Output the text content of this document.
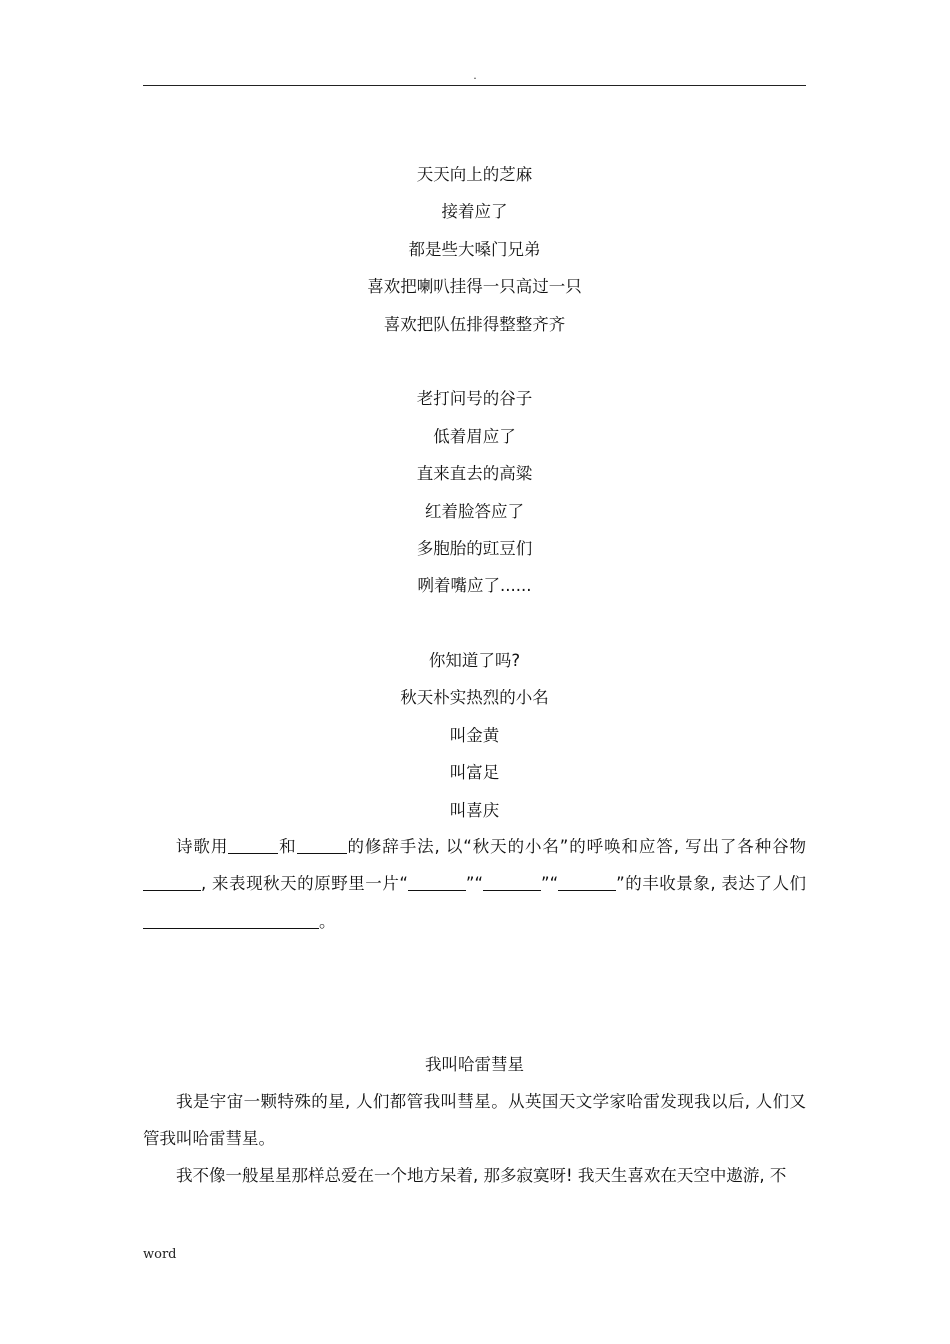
.
天天向上的芝麻
接着应了
都是些大嗓门兄弟
喜欢把喇叭挂得一只高过一只
喜欢把队伍排得整整齐齐
老打问号的谷子
低着眉应了
直来直去的高粱
红着脸答应了
多胞胎的豇豆们
咧着嘴应了......
你知道了吗?
秋天朴实热烈的小名
叫金黄
叫富足
叫喜庆
诗歌用	和	的修辞手法, 以“秋天的小名”的呼唤和应答, 写出了各种谷物, 来表现秋天的原野里一片“	”“	”“	”的丰收景象, 表达了人们。
我叫哈雷彗星
我是宇宙一颗特殊的星, 人们都管我叫彗星。从英国天文学家哈雷发现我以后, 人们又管我叫哈雷彗星。
我不像一般星星那样总爱在一个地方呆着, 那多寂寞呀! 我天生喜欢在天空中遨游, 不
word
